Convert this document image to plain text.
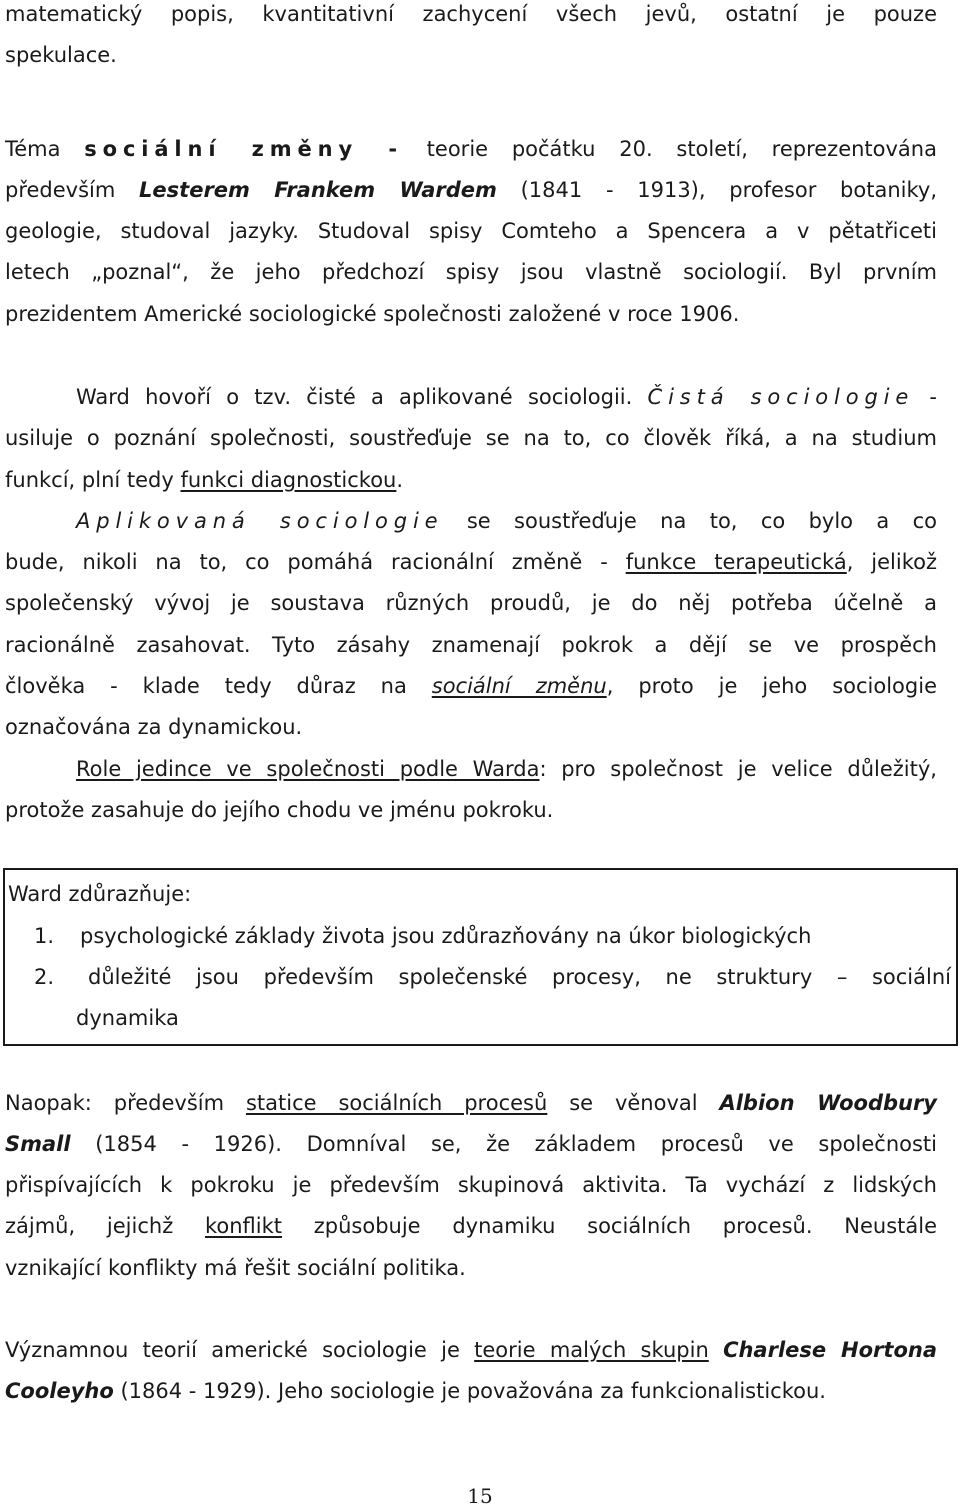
matematický popis, kvantitativní zachycení všech jevů, ostatní je pouze
spekulace.
Téma sociální změny - teorie počátku 20. století, reprezentována
především Lesterem Frankem Wardem (1841 - 1913), profesor botaniky,
geologie, studoval jazyky. Studoval spisy Comteho a Spencera a v pětatřiceti
letech „poznal“, že jeho předchozí spisy jsou vlastně sociologií. Byl prvním
prezidentem Americké sociologické společnosti založené v roce 1906.
Ward hovoří o tzv. čisté a aplikované sociologii. Čistá sociologie -
usiluje o poznání společnosti, soustřeďuje se na to, co člověk říká, a na studium
funkcí, plní tedy funkci diagnostickou.
Aplikovaná sociologie se soustřeďuje na to, co bylo a co
bude, nikoli na to, co pomáhá racionální změně - funkce terapeutická, jelikož
společenský vývoj je soustava různých proudů, je do něj potřeba účelně a
racionálně zasahovat. Tyto zásahy znamenají pokrok a dějí se ve prospěch
člověka - klade tedy důraz na sociální změnu, proto je jeho sociologie
označována za dynamickou.
Role jedince ve společnosti podle Warda: pro společnost je velice důležitý,
protože zasahuje do jejího chodu ve jménu pokroku.
Ward zdůrazňuje:
1. psychologické základy života jsou zdůrazňovány na úkor biologických
2. důležité jsou především společenské procesy, ne struktury – sociální
dynamika
Naopak: především statice sociálních procesů se věnoval Albion Woodbury
Small (1854 - 1926). Domníval se, že základem procesů ve společnosti
přispívajících k pokroku je především skupinová aktivita. Ta vychází z lidských
zájmů, jejichž konflikt způsobuje dynamiku sociálních procesů. Neustále
vznikající konflikty má řešit sociální politika.
Významnou teorií americké sociologie je teorie malých skupin Charlese Hortona
Cooleyho (1864 - 1929). Jeho sociologie je považována za funkcionalistickou.
15
